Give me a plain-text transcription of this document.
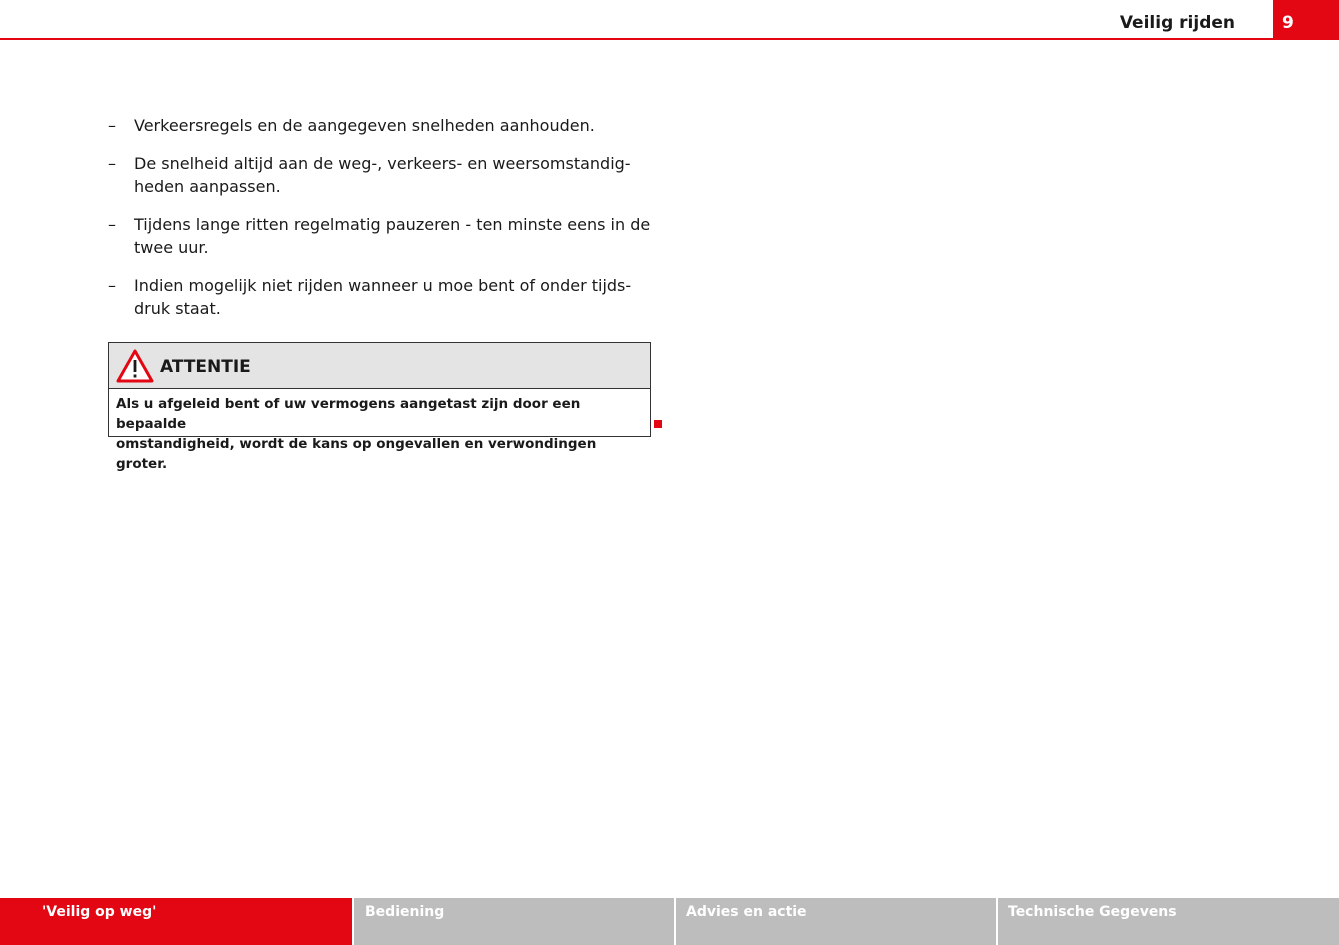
Veilig rijden	9
– Verkeersregels en de aangegeven snelheden aanhouden.
– De snelheid altijd aan de weg-, verkeers- en weersomstandig-
heden aanpassen.
– Tijdens lange ritten regelmatig pauzeren - ten minste eens in de
twee uur.
– Indien mogelijk niet rijden wanneer u moe bent of onder tijds-
druk staat.
ATTENTIE
Als u afgeleid bent of uw vermogens aangetast zijn door een bepaalde
omstandigheid, wordt de kans op ongevallen en verwondingen groter.
'Veilig op weg'	Bediening	Advies en actie	Technische Gegevens
